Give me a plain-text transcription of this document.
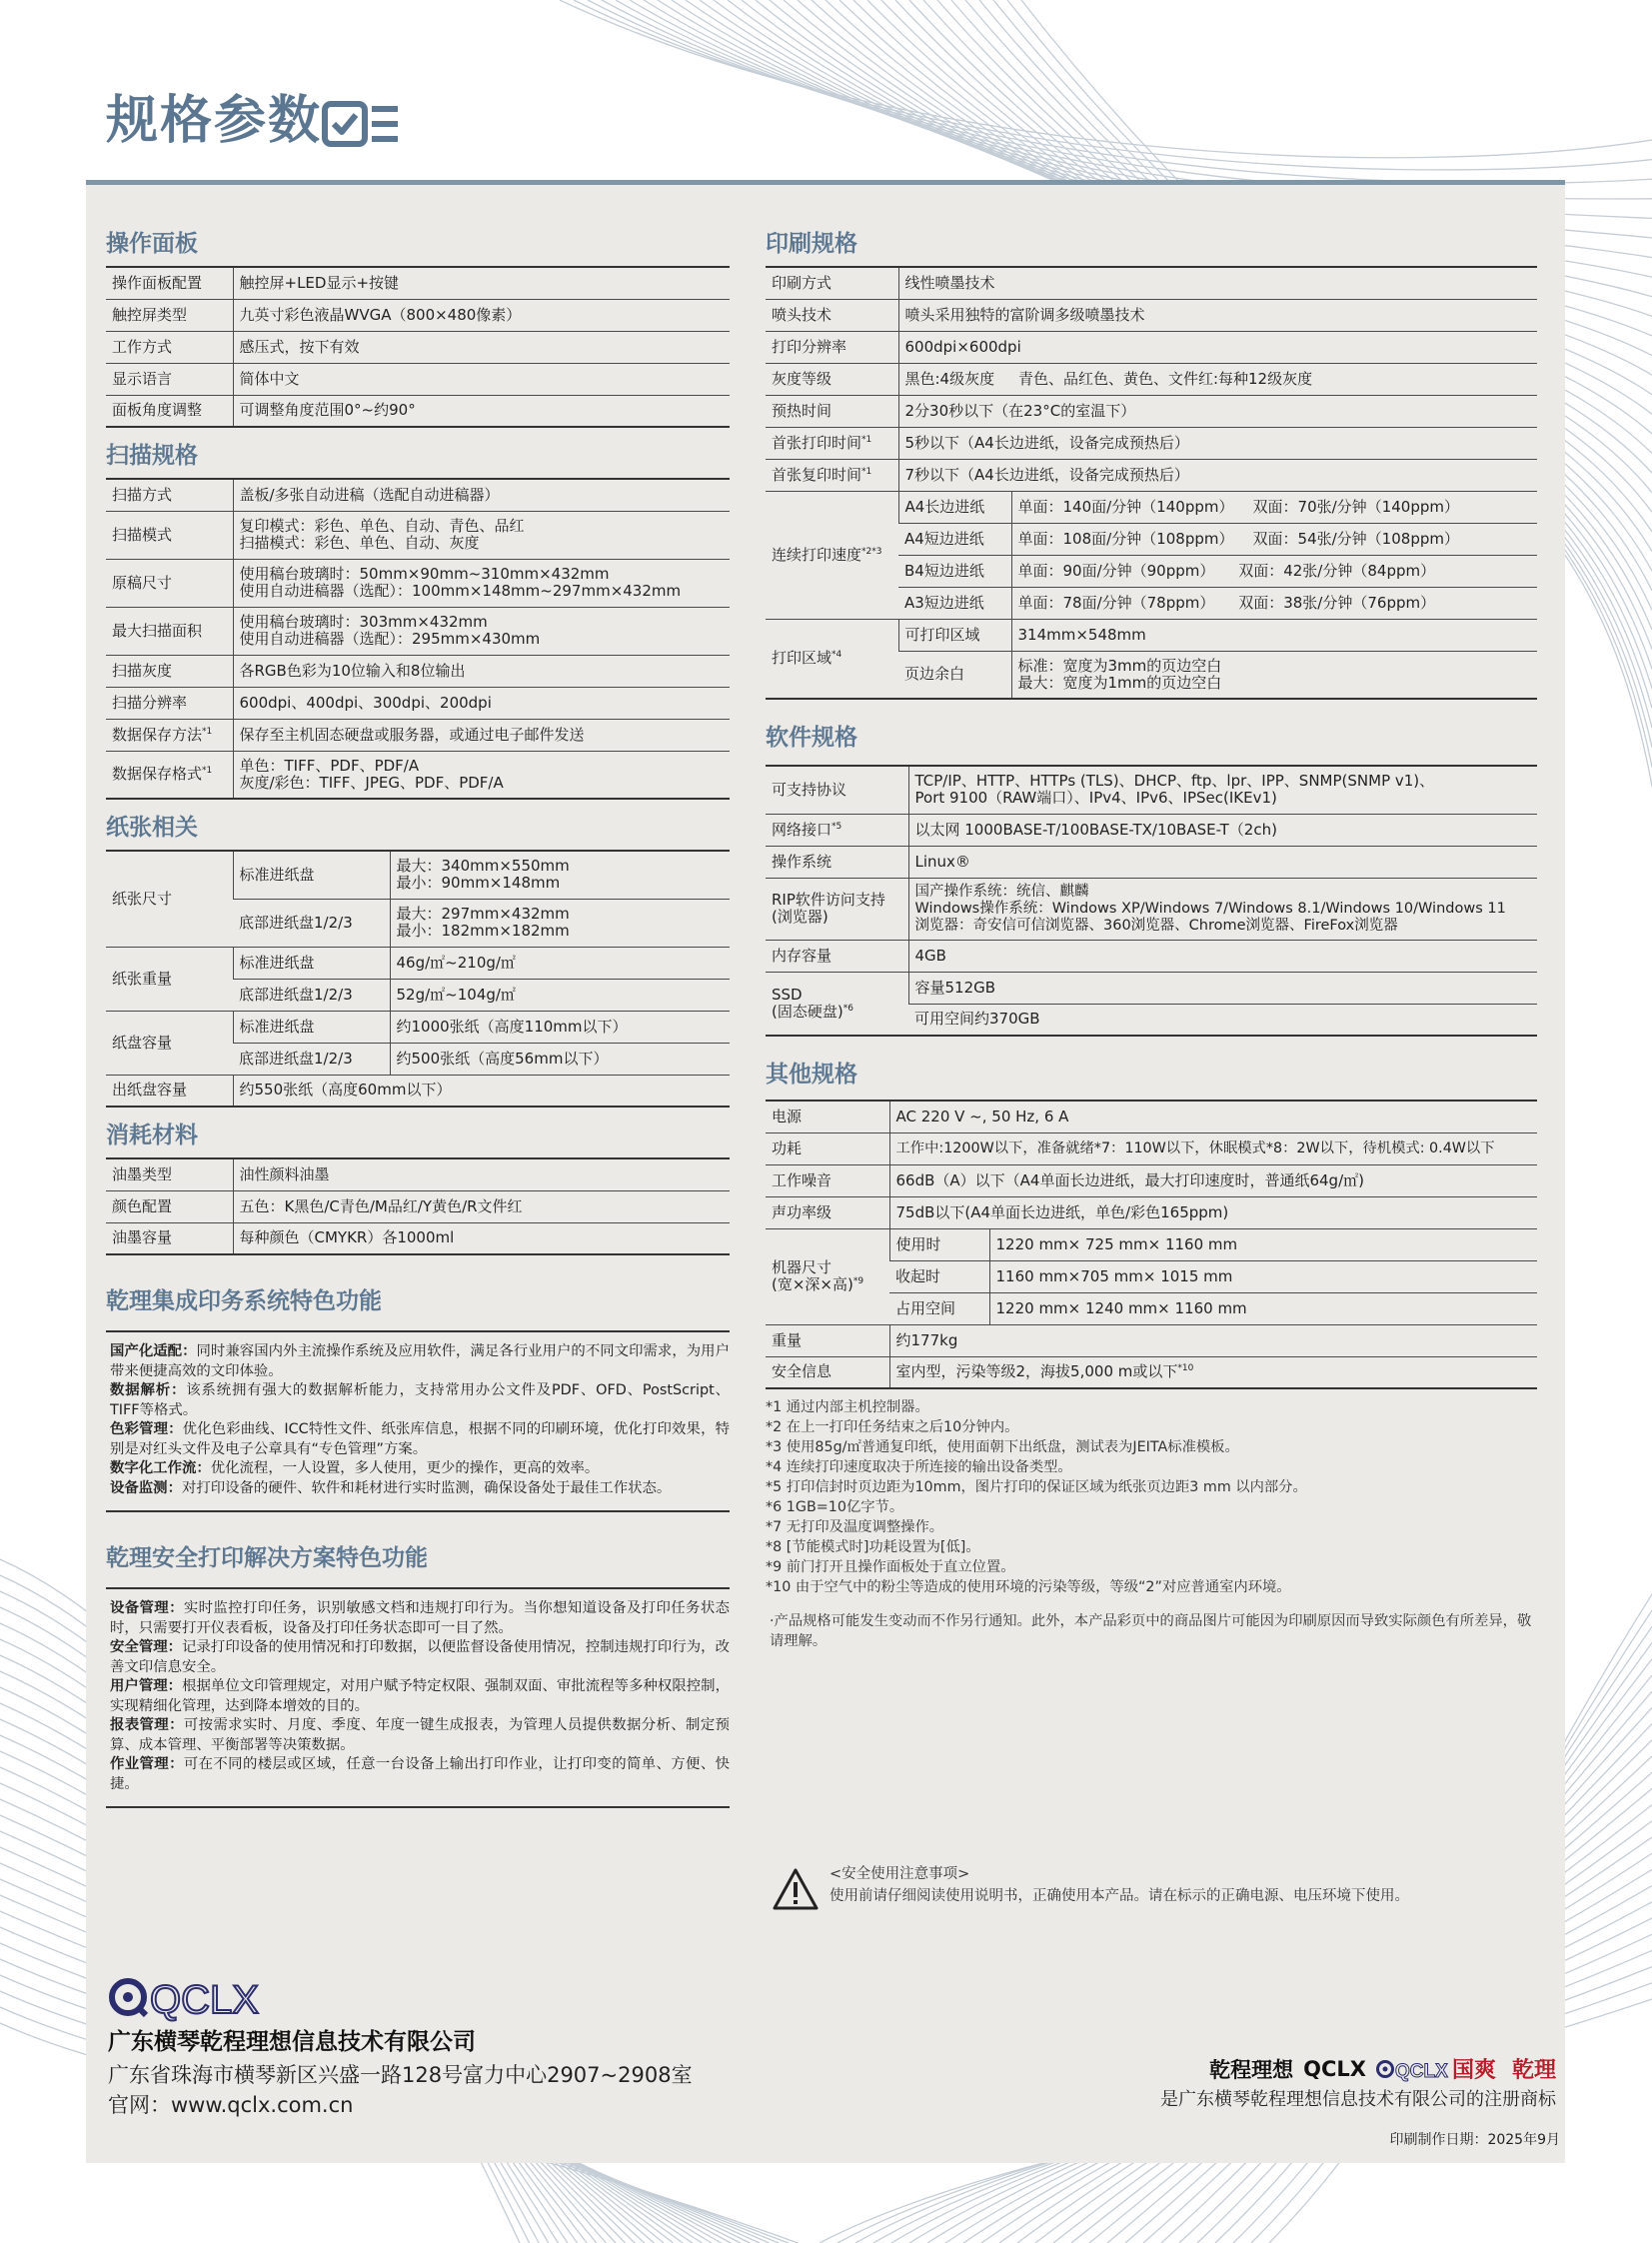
规格参数
操作面板
操作面板配置	触控屏+LED显示+按键
触控屏类型	九英寸彩色液晶WVGA（800×480像素）
工作方式	感压式，按下有效
显示语言	简体中文
面板角度调整	可调整角度范围0°~约90°
扫描规格
扫描方式	盖板/多张自动进稿（选配自动进稿器）
扫描模式	复印模式：彩色、单色、自动、青色、品红
扫描模式：彩色、单色、自动、灰度
原稿尺寸	使用稿台玻璃时：50mm×90mm~310mm×432mm
使用自动进稿器（选配）：100mm×148mm~297mm×432mm
最大扫描面积	使用稿台玻璃时：303mm×432mm
使用自动进稿器（选配）：295mm×430mm
扫描灰度	各RGB色彩为10位输入和8位输出
扫描分辨率	600dpi、400dpi、300dpi、200dpi
数据保存方法$^{*1}$	保存至主机固态硬盘或服务器，或通过电子邮件发送
数据保存格式$^{*1}$	单色：TIFF、PDF、PDF/A
灰度/彩色：TIFF、JPEG、PDF、PDF/A
纸张相关
纸张尺寸	标准进纸盘	最大：340mm×550mm
最小：90mm×148mm
	底部进纸盘1/2/3	最大：297mm×432mm
最小：182mm×182mm
纸张重量	标准进纸盘	46g/㎡~210g/㎡
	底部进纸盘1/2/3	52g/㎡~104g/㎡
纸盘容量	标准进纸盘	约1000张纸（高度110mm以下）
	底部进纸盘1/2/3	约500张纸（高度56mm以下）
出纸盘容量	约550张纸（高度60mm以下）	
消耗材料
油墨类型	油性颜料油墨
颜色配置	五色：K黑色/C青色/M品红/Y黄色/R文件红
油墨容量	每种颜色（CMYKR）各1000ml
乾理集成印务系统特色功能
国产化适配：同时兼容国内外主流操作系统及应用软件，满足各行业用户的不同文印需求，为用户带来便捷高效的文印体验。
数据解析：该系统拥有强大的数据解析能力，支持常用办公文件及PDF、OFD、PostScript、TIFF等格式。
色彩管理：优化色彩曲线、ICC特性文件、纸张库信息，根据不同的印刷环境，优化打印效果，特别是对红头文件及电子公章具有“专色管理”方案。
数字化工作流：优化流程，一人设置，多人使用，更少的操作，更高的效率。
设备监测：对打印设备的硬件、软件和耗材进行实时监测，确保设备处于最佳工作状态。
乾理安全打印解决方案特色功能
设备管理：实时监控打印任务，识别敏感文档和违规打印行为。当你想知道设备及打印任务状态时，只需要打开仪表看板，设备及打印任务状态即可一目了然。
安全管理：记录打印设备的使用情况和打印数据，以便监督设备使用情况，控制违规打印行为，改善文印信息安全。
用户管理：根据单位文印管理规定，对用户赋予特定权限、强制双面、审批流程等多种权限控制，实现精细化管理，达到降本增效的目的。
报表管理：可按需求实时、月度、季度、年度一键生成报表，为管理人员提供数据分析、制定预算、成本管理、平衡部署等决策数据。
作业管理：可在不同的楼层或区域，任意一台设备上输出打印作业，让打印变的简单、方便、快捷。
印刷规格
印刷方式	线性喷墨技术	
喷头技术	喷头采用独特的富阶调多级喷墨技术	
打印分辨率	600dpi×600dpi	
灰度等级	黑色:4级灰度     青色、品红色、黄色、文件红:每种12级灰度	
预热时间	2分30秒以下（在23°C的室温下）	
首张打印时间$^{*1}$	5秒以下（A4长边进纸，设备完成预热后）	
首张复印时间$^{*1}$	7秒以下（A4长边进纸，设备完成预热后）	
连续打印速度$^{*2*3}$	A4长边进纸	单面：140面/分钟（140ppm）    双面：70张/分钟（140ppm）
	A4短边进纸	单面：108面/分钟（108ppm）    双面：54张/分钟（108ppm）
	B4短边进纸	单面：90面/分钟（90ppm）     双面：42张/分钟（84ppm）
	A3短边进纸	单面：78面/分钟（78ppm）     双面：38张/分钟（76ppm）
打印区域$^{*4}$	可打印区域	314mm×548mm
	页边余白	标准：宽度为3mm的页边空白
最大：宽度为1mm的页边空白
软件规格
可支持协议	TCP/IP、HTTP、HTTPs (TLS)、DHCP、ftp、lpr、IPP、SNMP(SNMP v1)、
Port 9100（RAW端口）、IPv4、IPv6、IPSec(IKEv1)
网络接口$^{*5}$	以太网 1000BASE-T/100BASE-TX/10BASE-T（2ch)
操作系统	Linux®
RIP软件访问支持
(浏览器)	国产操作系统：统信、麒麟
Windows操作系统：Windows XP/Windows 7/Windows 8.1/Windows 10/Windows 11
浏览器：奇安信可信浏览器、360浏览器、Chrome浏览器、FireFox浏览器
内存容量	4GB
SSD
(固态硬盘)$^{*6}$	容量512GB
	可用空间约370GB
其他规格
电源	AC 220 V ~, 50 Hz, 6 A	
功耗	工作中:1200W以下，准备就绪*7：110W以下，休眠模式*8：2W以下，待机模式: 0.4W以下	
工作噪音	66dB（A）以下（A4单面长边进纸，最大打印速度时，普通纸64g/㎡)	
声功率级	75dB以下(A4单面长边进纸，单色/彩色165ppm)	
机器尺寸
(宽×深×高)$^{*9}$	使用时	1220 mm× 725 mm× 1160 mm
	收起时	1160 mm×705 mm× 1015 mm
	占用空间	1220 mm× 1240 mm× 1160 mm
重量	约177kg	
安全信息	室内型，污染等级2，海拔5,000 m或以下$^{*10}$
*1 通过内部主机控制器。
*2 在上一打印任务结束之后10分钟内。
*3 使用85g/㎡普通复印纸，使用面朝下出纸盘，测试表为JEITA标准模板。
*4 连续打印速度取决于所连接的输出设备类型。
*5 打印信封时页边距为10mm，图片打印的保证区域为纸张页边距3 mm 以内部分。
*6 1GB=10亿字节。
*7 无打印及温度调整操作。
*8 [节能模式时]功耗设置为[低]。
*9 前门打开且操作面板处于直立位置。
*10 由于空气中的粉尘等造成的使用环境的污染等级，等级“2”对应普通室内环境。
·产品规格可能发生变动而不作另行通知。此外，本产品彩页中的商品图片可能因为印刷原因而导致实际颜色有所差异，敬请理解。
<安全使用注意事项>
使用前请仔细阅读使用说明书，正确使用本产品。请在标示的正确电源、电压环境下使用。
QCLX
广东横琴乾程理想信息技术有限公司
广东省珠海市横琴新区兴盛一路128号富力中心2907~2908室
官网：www.qclx.com.cn
乾程理想 QCLX QCLX 国爽 乾理
是广东横琴乾程理想信息技术有限公司的注册商标
印刷制作日期：2025年9月
